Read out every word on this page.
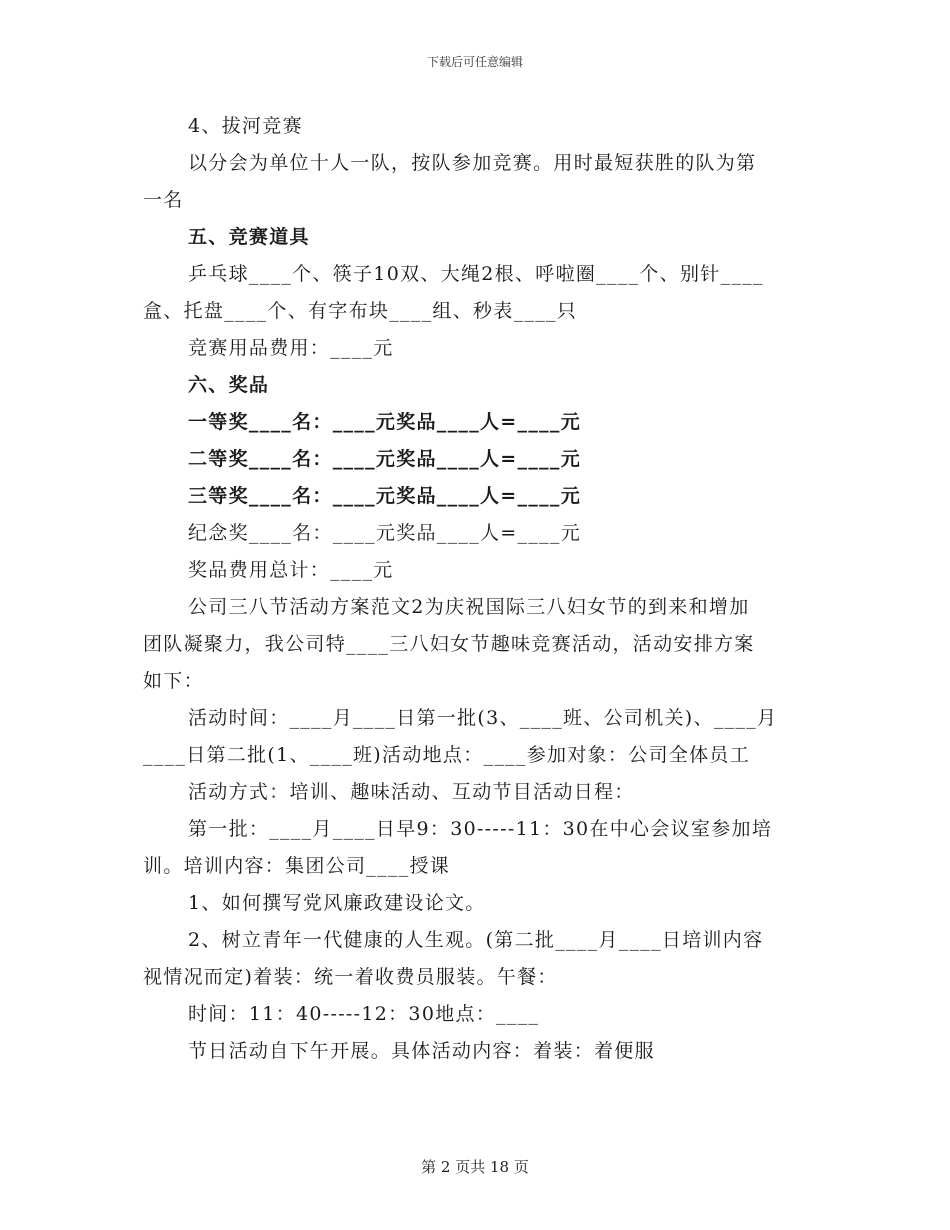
下载后可任意编辑
4、拔河竞赛
以分会为单位十人一队，按队参加竞赛。用时最短获胜的队为第
一名
五、竞赛道具
乒乓球____个、筷子10双、大绳2根、呼啦圈____个、别针____
盒、托盘____个、有字布块____组、秒表____只
竞赛用品费用：____元
六、奖品
一等奖____名：____元奖品____人=____元
二等奖____名：____元奖品____人=____元
三等奖____名：____元奖品____人=____元
纪念奖____名：____元奖品____人=____元
奖品费用总计：____元
公司三八节活动方案范文2为庆祝国际三八妇女节的到来和增加
团队凝聚力，我公司特____三八妇女节趣味竞赛活动，活动安排方案
如下：
活动时间：____月____日第一批(3、____班、公司机关)、____月
____日第二批(1、____班)活动地点：____参加对象：公司全体员工
活动方式：培训、趣味活动、互动节目活动日程：
第一批：____月____日早9：30-----11：30在中心会议室参加培
训。培训内容：集团公司____授课
1、如何撰写党风廉政建设论文。
2、树立青年一代健康的人生观。(第二批____月____日培训内容
视情况而定)着装：统一着收费员服装。午餐：
时间：11：40-----12：30地点：____
节日活动自下午开展。具体活动内容：着装：着便服
第 2 页共 18 页
